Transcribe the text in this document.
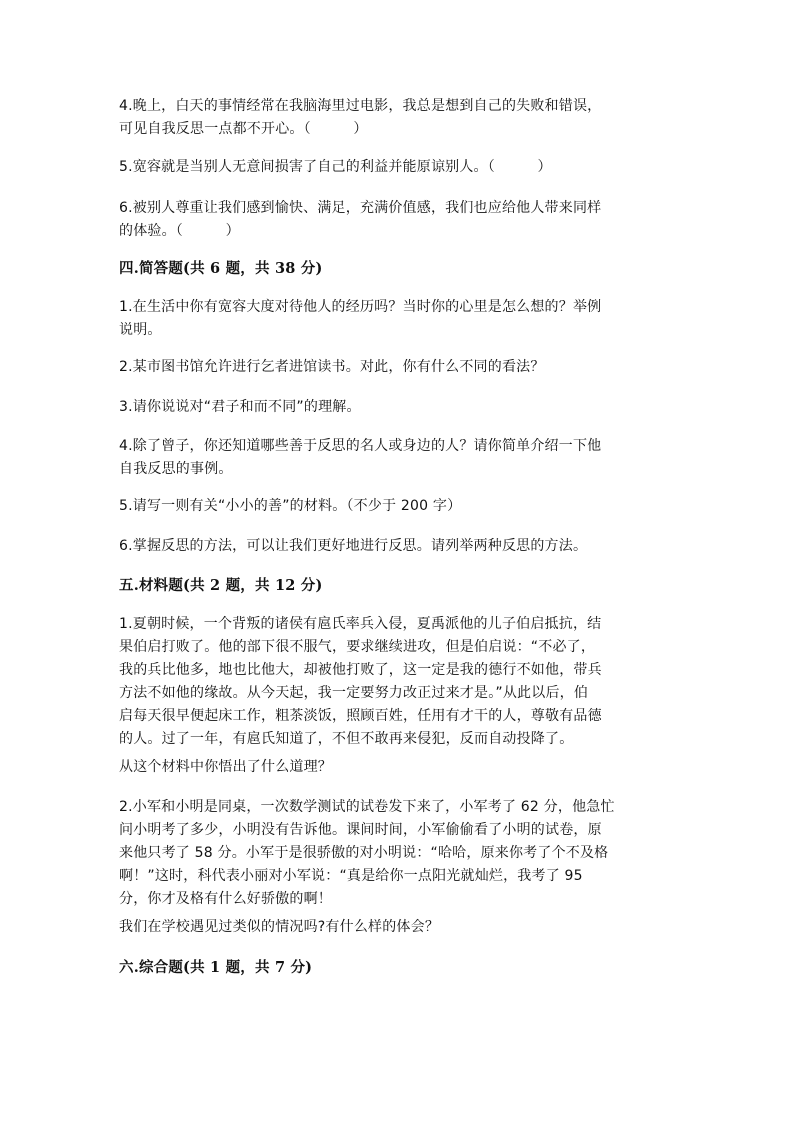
4.晚上，白天的事情经常在我脑海里过电影，我总是想到自己的失败和错误，
可见自我反思一点都不开心。（　　　）
5.宽容就是当别人无意间损害了自己的利益并能原谅别人。（　　　）
6.被别人尊重让我们感到愉快、满足，充满价值感，我们也应给他人带来同样
的体验。（　　　）
四.简答题(共 6 题，共 38 分)
1.在生活中你有宽容大度对待他人的经历吗？当时你的心里是怎么想的？举例
说明。
2.某市图书馆允许进行乞者进馆读书。对此，你有什么不同的看法？
3.请你说说对“君子和而不同”的理解。
4.除了曾子，你还知道哪些善于反思的名人或身边的人？请你简单介绍一下他
自我反思的事例。
5.请写一则有关“小小的善”的材料。（不少于 200 字）
6.掌握反思的方法，可以让我们更好地进行反思。请列举两种反思的方法。
五.材料题(共 2 题，共 12 分)
1.夏朝时候，一个背叛的诸侯有扈氏率兵入侵，夏禹派他的儿子伯启抵抗，结
果伯启打败了。他的部下很不服气，要求继续进攻，但是伯启说：“不必了，
我的兵比他多，地也比他大，却被他打败了，这一定是我的德行不如他，带兵
方法不如他的缘故。从今天起，我一定要努力改正过来才是。”从此以后，伯
启每天很早便起床工作，粗茶淡饭，照顾百姓，任用有才干的人，尊敬有品德
的人。过了一年，有扈氏知道了，不但不敢再来侵犯，反而自动投降了。
从这个材料中你悟出了什么道理？
2.小军和小明是同桌，一次数学测试的试卷发下来了，小军考了 62 分，他急忙
问小明考了多少，小明没有告诉他。课间时间，小军偷偷看了小明的试卷，原
来他只考了 58 分。小军于是很骄傲的对小明说：“哈哈，原来你考了个不及格
啊！”这时，科代表小丽对小军说：“真是给你一点阳光就灿烂，我考了 95
分，你才及格有什么好骄傲的啊！
我们在学校遇见过类似的情况吗?有什么样的体会？
六.综合题(共 1 题，共 7 分)
